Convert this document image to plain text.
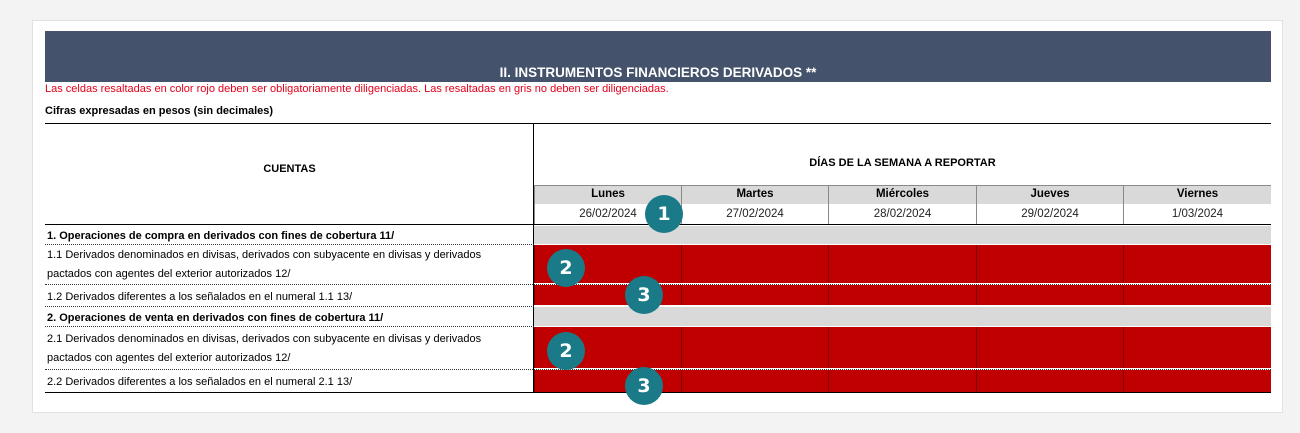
II. INSTRUMENTOS FINANCIEROS DERIVADOS **
Las celdas resaltadas en color rojo deben ser obligatoriamente diligenciadas. Las resaltadas en gris no deben ser diligenciadas.
Cifras expresadas en pesos (sin decimales)
CUENTAS	DÍAS DE LA SEMANA A REPORTAR
Lunes	Martes	Miércoles	Jueves	Viernes
26/02/2024	27/02/2024	28/02/2024	29/02/2024	1/03/2024
1. Operaciones de compra en derivados con fines de cobertura 11/
1.1 Derivados denominados en divisas, derivados con subyacente en divisas y derivados
pactados con agentes del exterior autorizados 12/
1.2 Derivados diferentes a los señalados en el numeral 1.1 13/
2. Operaciones de venta en derivados con fines de cobertura 11/
2.1 Derivados denominados en divisas, derivados con subyacente en divisas y derivados
pactados con agentes del exterior autorizados 12/
2.2 Derivados diferentes a los señalados en el numeral 2.1 13/
1
2
3
2
3
